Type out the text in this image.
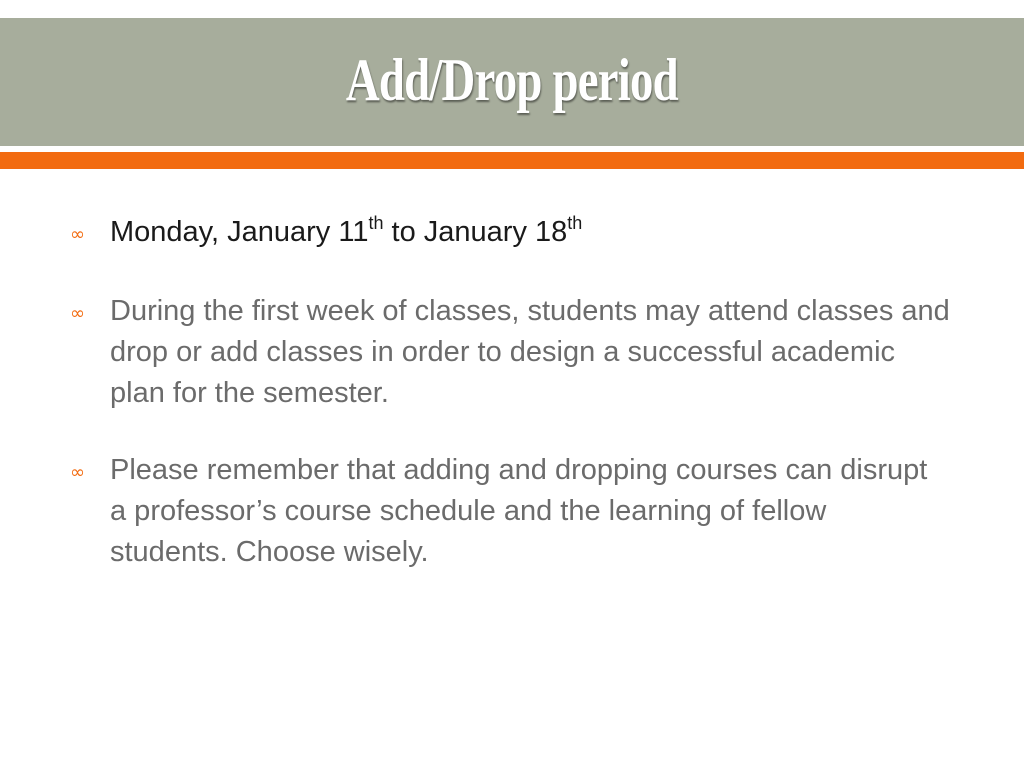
Add/Drop period
∞ Monday, January 11th to January 18th
∞ During the first week of classes, students may attend classes and drop or add classes in order to design a successful academic plan for the semester.
∞ Please remember that adding and dropping courses can disrupt a professor’s course schedule and the learning of fellow students. Choose wisely.
